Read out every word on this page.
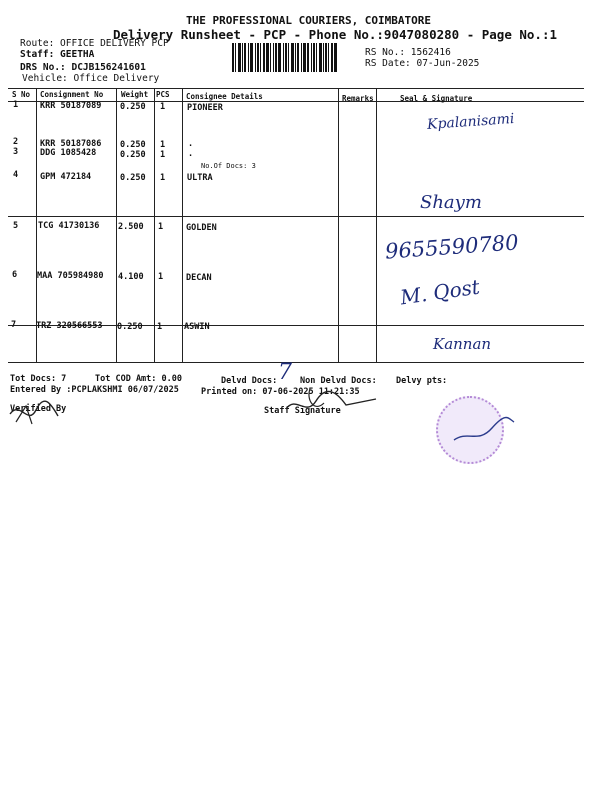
THE PROFESSIONAL COURIERS, COIMBATORE
Delivery Runsheet - PCP - Phone No.:9047080280 - Page No.:1
Route: OFFICE DELIVERY PCP
Staff: GEETHA
DRS No.: DCJB156241601
Vehicle: Office Delivery
RS No.: 1562416
RS Date: 07-Jun-2025
S No Consignment No Weight PCS Consignee Details	Remarks	Seal & Signature
1	KRR 50187089 0.250 1	PIONEER
2	KRR 50187086 0.250 1	.
3	DDG 1085428	0.250 1	.
No.Of Docs: 3
4	GPM 472184	0.250 1	ULTRA
5 TCG 41730136 2.500 1	GOLDEN
6 MAA 705984980 4.100 1	DECAN
7 TRZ 320566553 0.250 1	ASWIN
Kpalanisami
Shaym
9655590780
M. Qost
Kannan
Tot Docs: 7	Tot COD Amt: 0.00	Delvd Docs: 7 Non Delvd Docs: Delvy pts:
Entered By :PCPLAKSHMI 06/07/2025	Printed on: 07-06-2025 11:21:35
Verified By	Staff Signature
